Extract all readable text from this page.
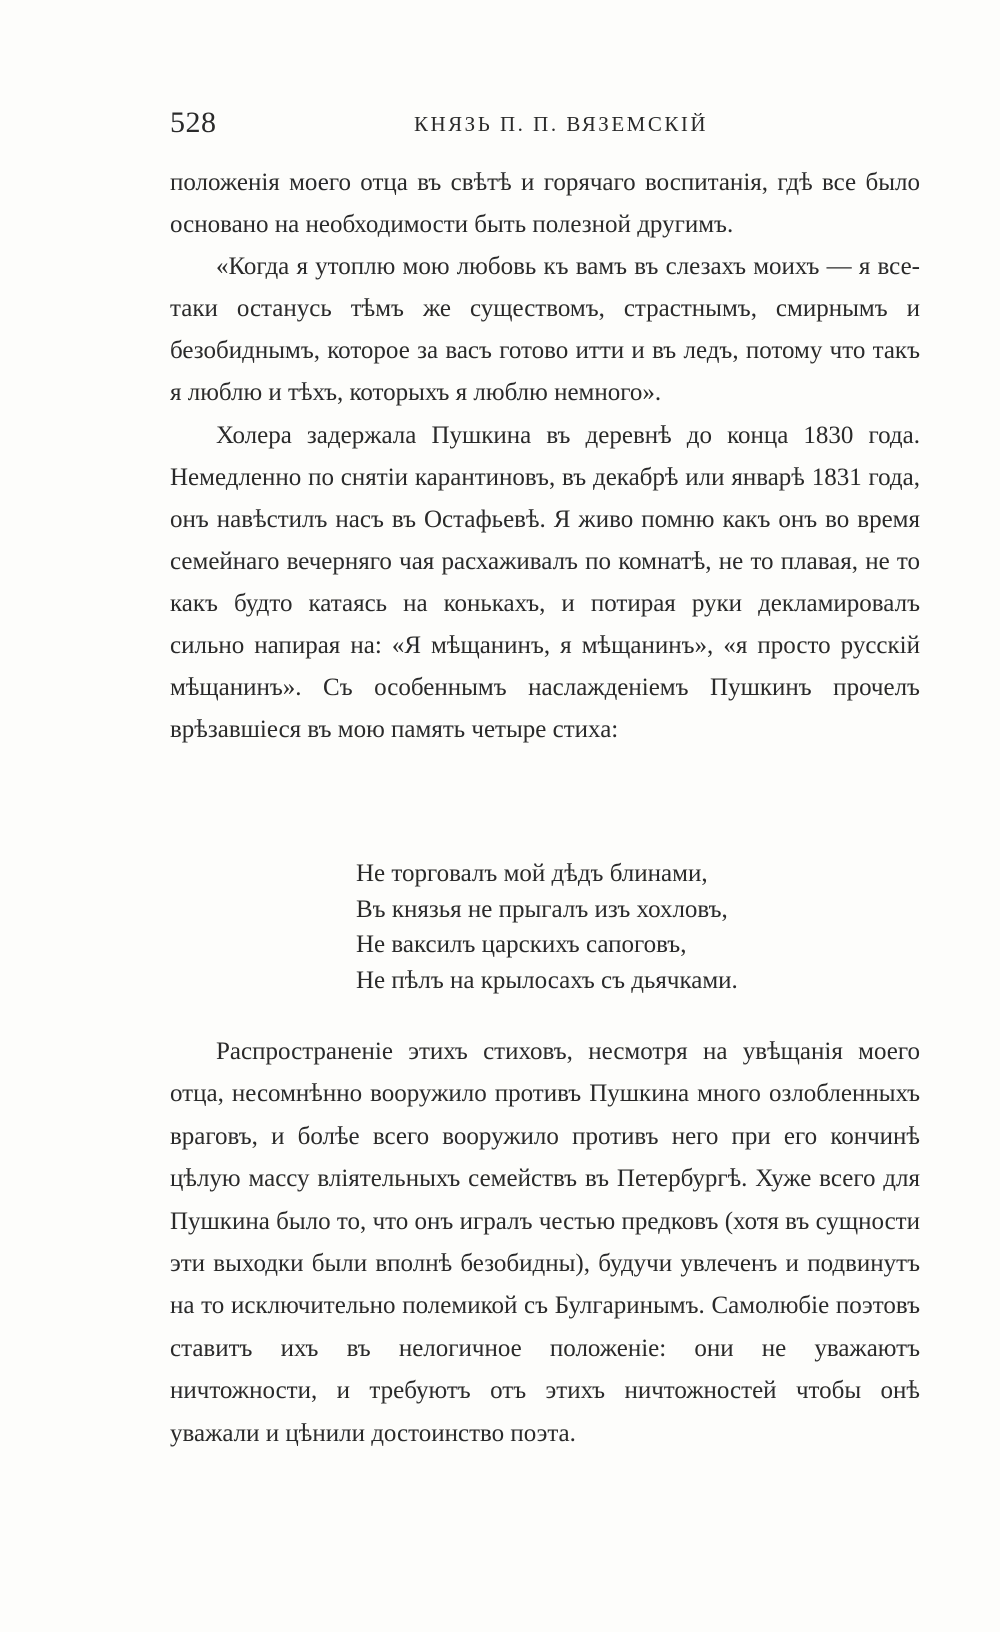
528	КНЯЗЬ П. П. ВЯЗЕМСКІЙ

положенія моего отца въ свѣтѣ и горячаго воспитанія, гдѣ все было основано на необходимости быть полезной другимъ.

«Когда я утоплю мою любовь къ вамъ въ слезахъ моихъ — я все-таки останусь тѣмъ же существомъ, страстнымъ, смирнымъ и безобиднымъ, которое за васъ готово итти и въ ледъ, потому что такъ я люблю и тѣхъ, которыхъ я люблю немного».

Холера задержала Пушкина въ деревнѣ до конца 1830 года. Немедленно по снятіи карантиновъ, въ декабрѣ или январѣ 1831 года, онъ навѣстилъ насъ въ Остафьевѣ. Я живо помню какъ онъ во время семейнаго вечерняго чая расхаживалъ по комнатѣ, не то плавая, не то какъ будто катаясь на конькахъ, и потирая руки декламировалъ сильно напирая на: «Я мѣщанинъ, я мѣщанинъ», «я просто русскій мѣщанинъ». Съ особеннымъ наслажденіемъ Пушкинъ прочелъ врѣзавшіеся въ мою память четыре стиха:

Не торговалъ мой дѣдъ блинами,
Въ князья не прыгалъ изъ хохловъ,
Не ваксилъ царскихъ сапоговъ,
Не пѣлъ на крылосахъ съ дьячками.

Распространеніе этихъ стиховъ, несмотря на увѣщанія моего отца, несомнѣнно вооружило противъ Пушкина много озлобленныхъ враговъ, и болѣе всего вооружило противъ него при его кончинѣ цѣлую массу вліятельныхъ семействъ въ Петербургѣ. Хуже всего для Пушкина было то, что онъ игралъ честью предковъ (хотя въ сущности эти выходки были вполнѣ безобидны), будучи увлеченъ и подвинутъ на то исключительно полемикой съ Булгаринымъ. Самолюбіе поэтовъ ставитъ ихъ въ нелогичное положеніе: они не уважаютъ ничтожности, и требуютъ отъ этихъ ничтожностей чтобы онѣ уважали и цѣнили достоинство поэта.
